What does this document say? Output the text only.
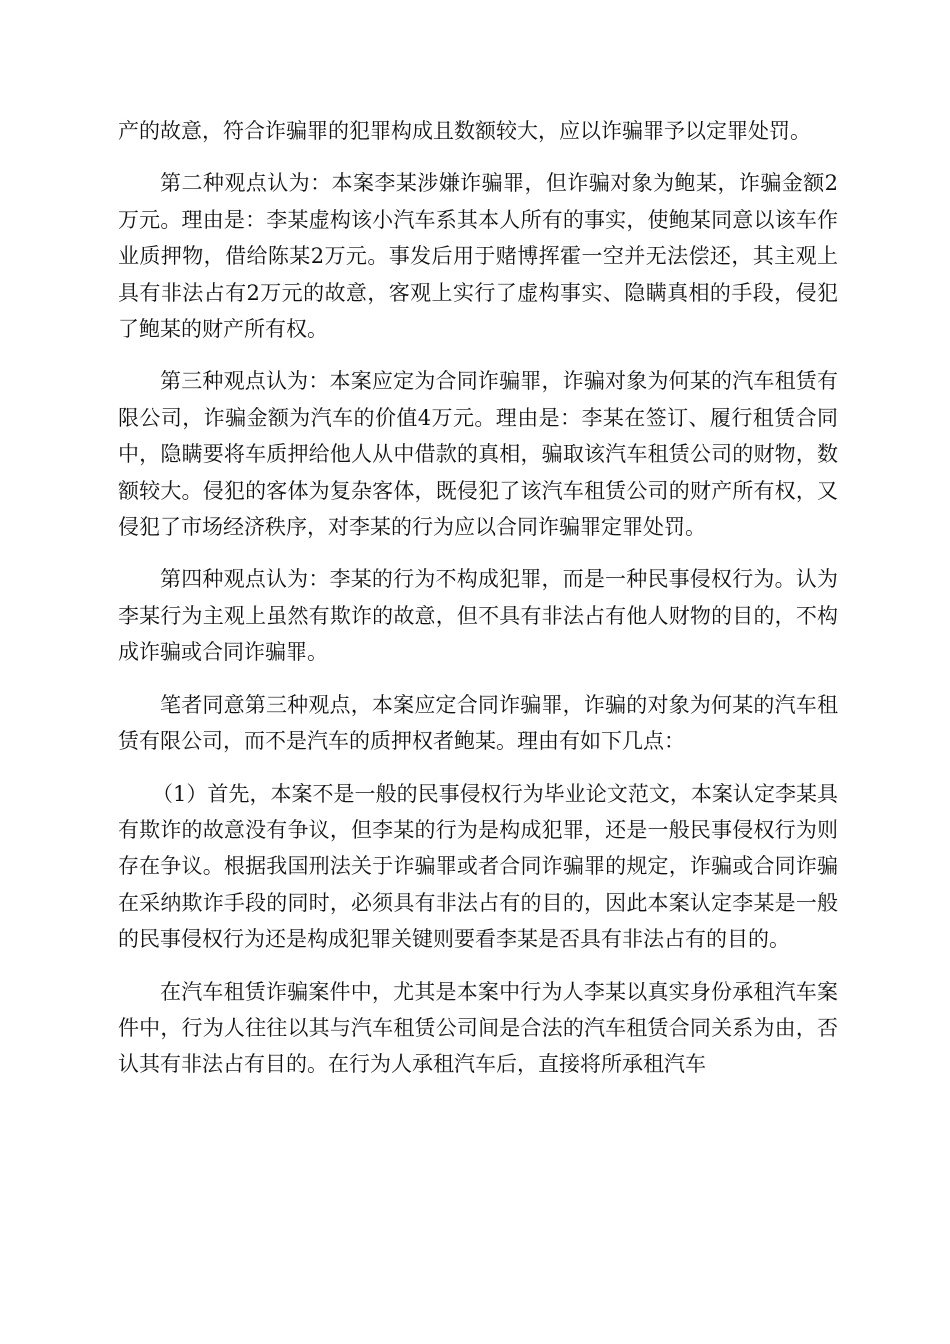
产的故意，符合诈骗罪的犯罪构成且数额较大，应以诈骗罪予以定罪处罚。

第二种观点认为：本案李某涉嫌诈骗罪，但诈骗对象为鲍某，诈骗金额2万元。理由是：李某虚构该小汽车系其本人所有的事实，使鲍某同意以该车作业质押物，借给陈某2万元。事发后用于赌博挥霍一空并无法偿还，其主观上具有非法占有2万元的故意，客观上实行了虚构事实、隐瞒真相的手段，侵犯了鲍某的财产所有权。

第三种观点认为：本案应定为合同诈骗罪，诈骗对象为何某的汽车租赁有限公司，诈骗金额为汽车的价值4万元。理由是：李某在签订、履行租赁合同中，隐瞒要将车质押给他人从中借款的真相，骗取该汽车租赁公司的财物，数额较大。侵犯的客体为复杂客体，既侵犯了该汽车租赁公司的财产所有权，又侵犯了市场经济秩序，对李某的行为应以合同诈骗罪定罪处罚。

第四种观点认为：李某的行为不构成犯罪，而是一种民事侵权行为。认为李某行为主观上虽然有欺诈的故意，但不具有非法占有他人财物的目的，不构成诈骗或合同诈骗罪。

笔者同意第三种观点，本案应定合同诈骗罪，诈骗的对象为何某的汽车租赁有限公司，而不是汽车的质押权者鲍某。理由有如下几点：

（1）首先，本案不是一般的民事侵权行为毕业论文范文，本案认定李某具有欺诈的故意没有争议，但李某的行为是构成犯罪，还是一般民事侵权行为则存在争议。根据我国刑法关于诈骗罪或者合同诈骗罪的规定，诈骗或合同诈骗在采纳欺诈手段的同时，必须具有非法占有的目的，因此本案认定李某是一般的民事侵权行为还是构成犯罪关键则要看李某是否具有非法占有的目的。

在汽车租赁诈骗案件中，尤其是本案中行为人李某以真实身份承租汽车案件中，行为人往往以其与汽车租赁公司间是合法的汽车租赁合同关系为由，否认其有非法占有目的。在行为人承租汽车后，直接将所承租汽车
